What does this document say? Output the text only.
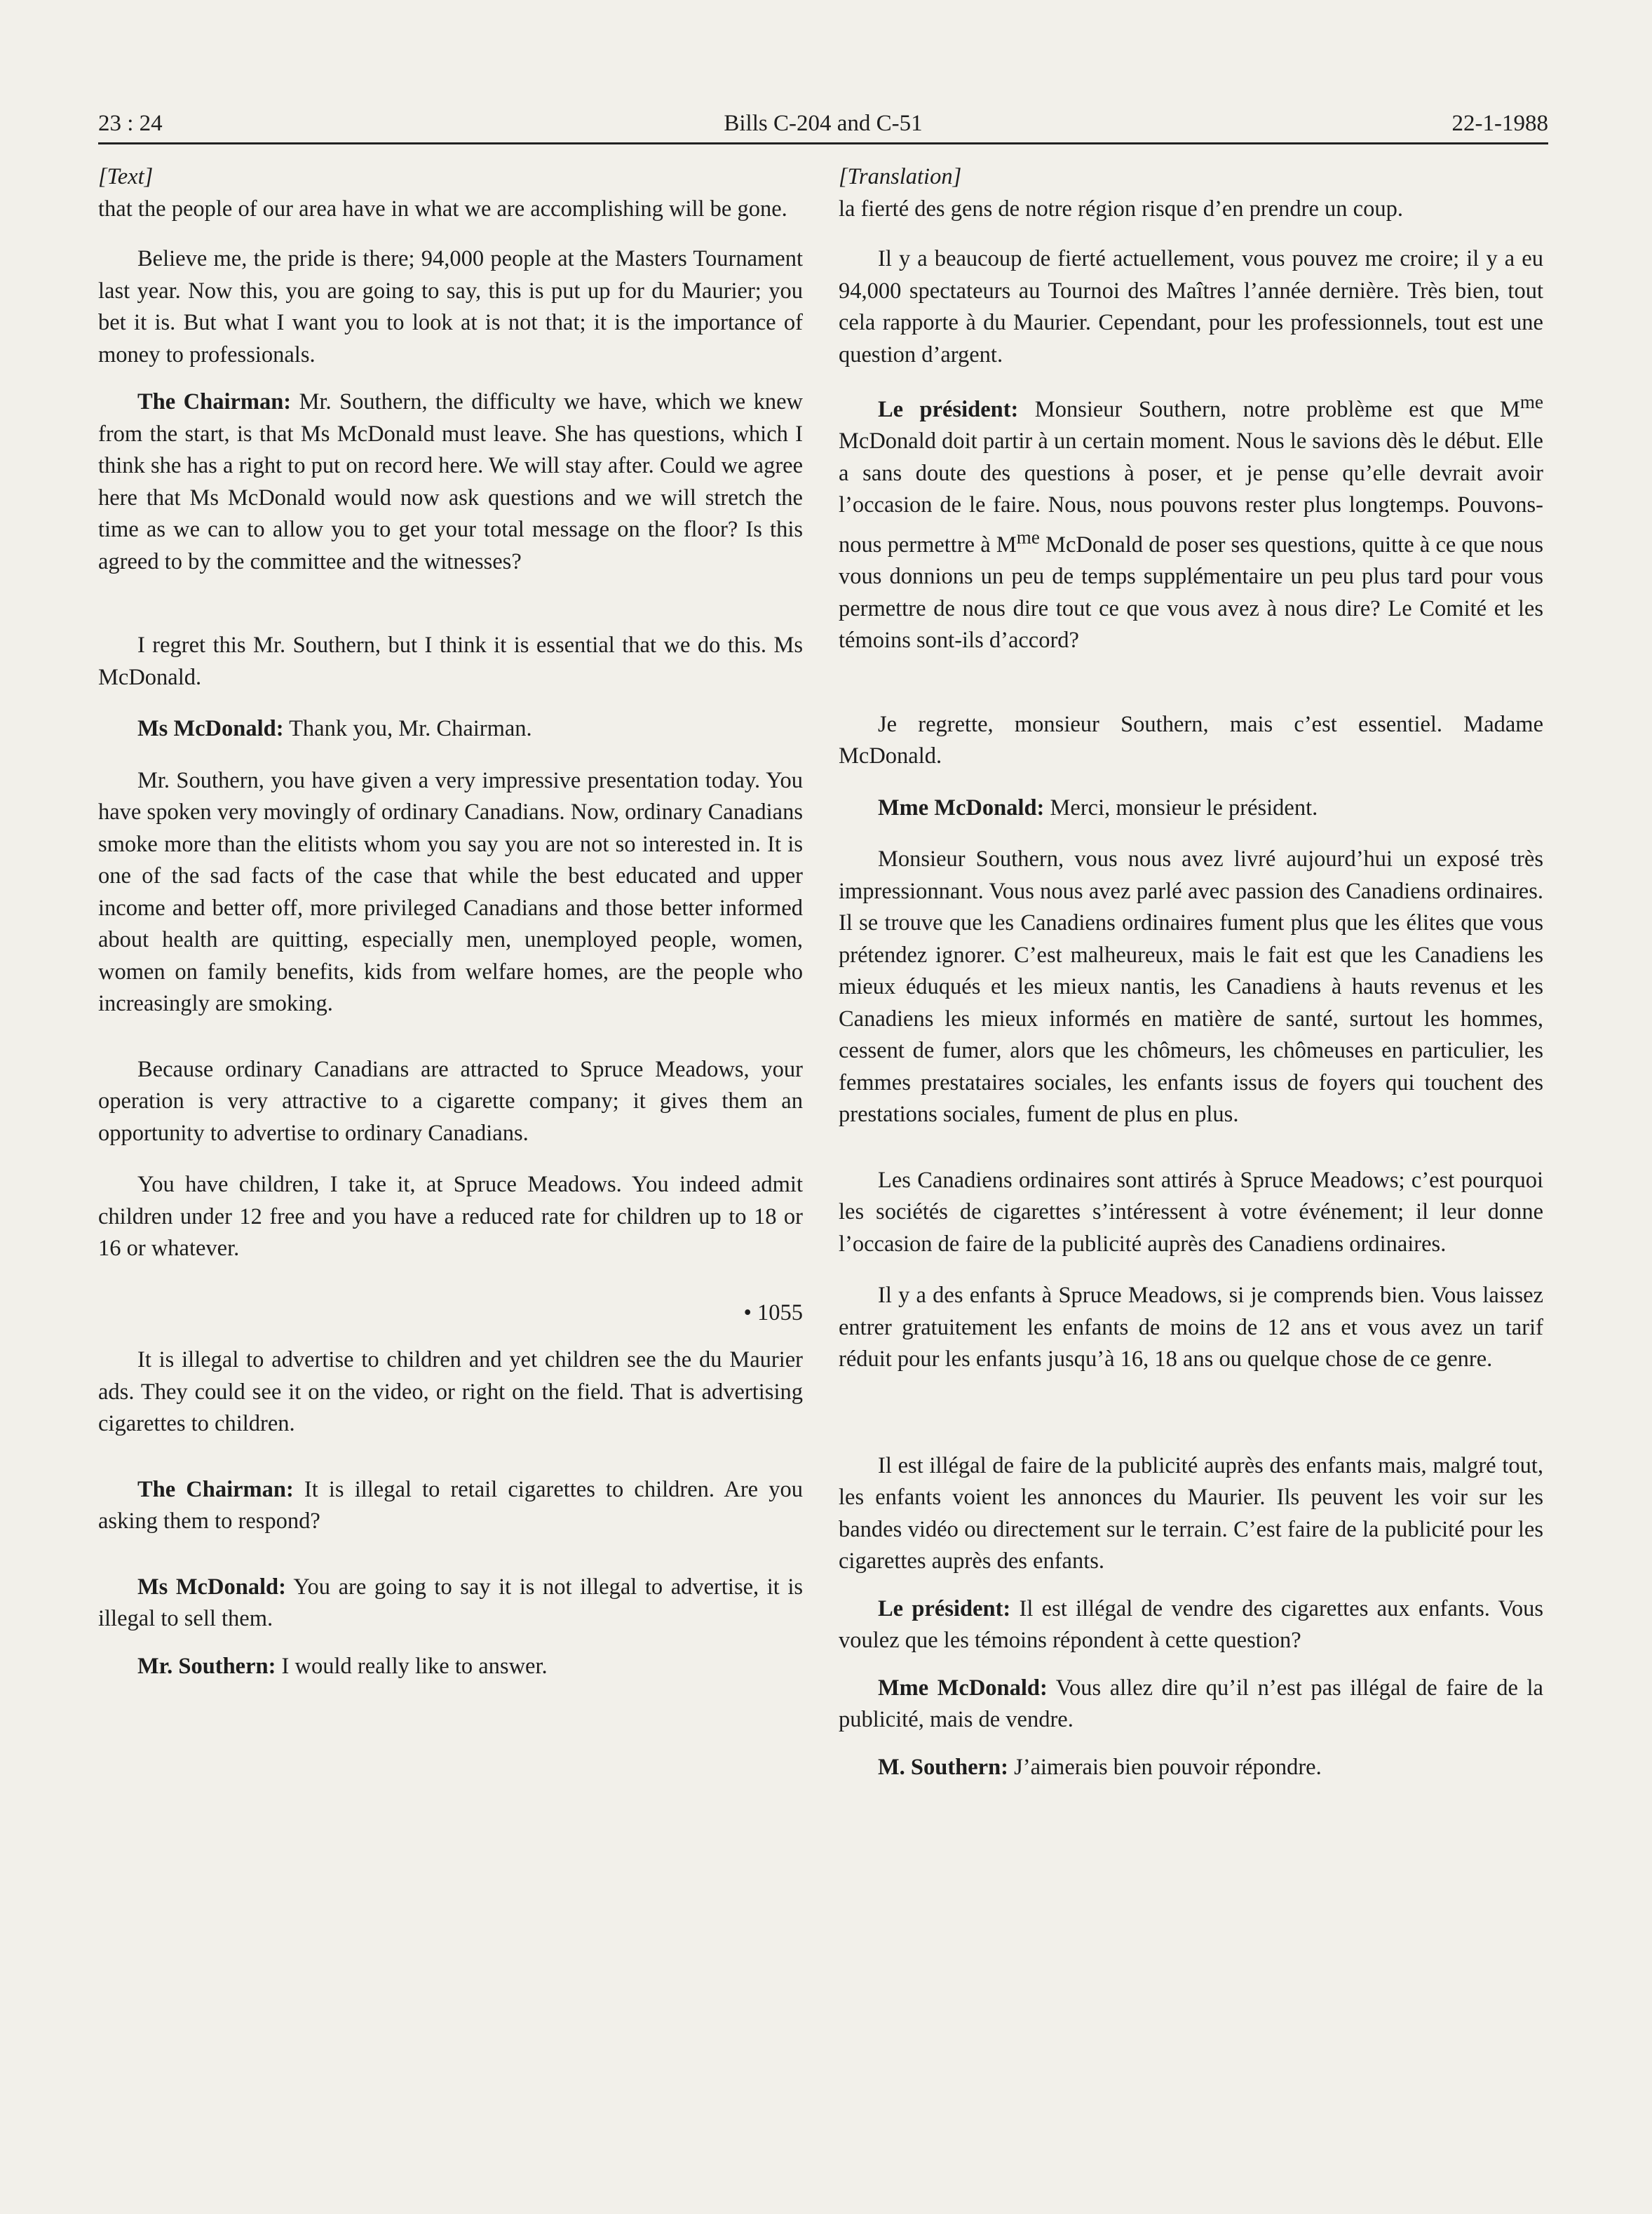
23 : 24	Bills C-204 and C-51	22-1-1988

[Text]

that the people of our area have in what we are accomplishing will be gone.

Believe me, the pride is there; 94,000 people at the Masters Tournament last year. Now this, you are going to say, this is put up for du Maurier; you bet it is. But what I want you to look at is not that; it is the importance of money to professionals.

The Chairman: Mr. Southern, the difficulty we have, which we knew from the start, is that Ms McDonald must leave. She has questions, which I think she has a right to put on record here. We will stay after. Could we agree here that Ms McDonald would now ask questions and we will stretch the time as we can to allow you to get your total message on the floor? Is this agreed to by the committee and the witnesses?

I regret this Mr. Southern, but I think it is essential that we do this. Ms McDonald.

Ms McDonald: Thank you, Mr. Chairman.

Mr. Southern, you have given a very impressive presentation today. You have spoken very movingly of ordinary Canadians. Now, ordinary Canadians smoke more than the elitists whom you say you are not so interested in. It is one of the sad facts of the case that while the best educated and upper income and better off, more privileged Canadians and those better informed about health are quitting, especially men, unemployed people, women, women on family benefits, kids from welfare homes, are the people who increasingly are smoking.

Because ordinary Canadians are attracted to Spruce Meadows, your operation is very attractive to a cigarette company; it gives them an opportunity to advertise to ordinary Canadians.

You have children, I take it, at Spruce Meadows. You indeed admit children under 12 free and you have a reduced rate for children up to 18 or 16 or whatever.

• 1055

It is illegal to advertise to children and yet children see the du Maurier ads. They could see it on the video, or right on the field. That is advertising cigarettes to children.

The Chairman: It is illegal to retail cigarettes to children. Are you asking them to respond?

Ms McDonald: You are going to say it is not illegal to advertise, it is illegal to sell them.

Mr. Southern: I would really like to answer.

[Translation]

la fierté des gens de notre région risque d’en prendre un coup.

Il y a beaucoup de fierté actuellement, vous pouvez me croire; il y a eu 94,000 spectateurs au Tournoi des Maîtres l’année dernière. Très bien, tout cela rapporte à du Maurier. Cependant, pour les professionnels, tout est une question d’argent.

Le président: Monsieur Southern, notre problème est que $M^{me}$ McDonald doit partir à un certain moment. Nous le savions dès le début. Elle a sans doute des questions à poser, et je pense qu’elle devrait avoir l’occasion de le faire. Nous, nous pouvons rester plus longtemps. Pouvons-nous permettre à $M^{me}$ McDonald de poser ses questions, quitte à ce que nous vous donnions un peu de temps supplémentaire un peu plus tard pour vous permettre de nous dire tout ce que vous avez à nous dire? Le Comité et les témoins sont-ils d’accord?

Je regrette, monsieur Southern, mais c’est essentiel. Madame McDonald.

Mme McDonald: Merci, monsieur le président.

Monsieur Southern, vous nous avez livré aujourd’hui un exposé très impressionnant. Vous nous avez parlé avec passion des Canadiens ordinaires. Il se trouve que les Canadiens ordinaires fument plus que les élites que vous prétendez ignorer. C’est malheureux, mais le fait est que les Canadiens les mieux éduqués et les mieux nantis, les Canadiens à hauts revenus et les Canadiens les mieux informés en matière de santé, surtout les hommes, cessent de fumer, alors que les chômeurs, les chômeuses en particulier, les femmes prestataires sociales, les enfants issus de foyers qui touchent des prestations sociales, fument de plus en plus.

Les Canadiens ordinaires sont attirés à Spruce Meadows; c’est pourquoi les sociétés de cigarettes s’intéressent à votre événement; il leur donne l’occasion de faire de la publicité auprès des Canadiens ordinaires.

Il y a des enfants à Spruce Meadows, si je comprends bien. Vous laissez entrer gratuitement les enfants de moins de 12 ans et vous avez un tarif réduit pour les enfants jusqu’à 16, 18 ans ou quelque chose de ce genre.

Il est illégal de faire de la publicité auprès des enfants mais, malgré tout, les enfants voient les annonces du Maurier. Ils peuvent les voir sur les bandes vidéo ou directement sur le terrain. C’est faire de la publicité pour les cigarettes auprès des enfants.

Le président: Il est illégal de vendre des cigarettes aux enfants. Vous voulez que les témoins répondent à cette question?

Mme McDonald: Vous allez dire qu’il n’est pas illégal de faire de la publicité, mais de vendre.

M. Southern: J’aimerais bien pouvoir répondre.
